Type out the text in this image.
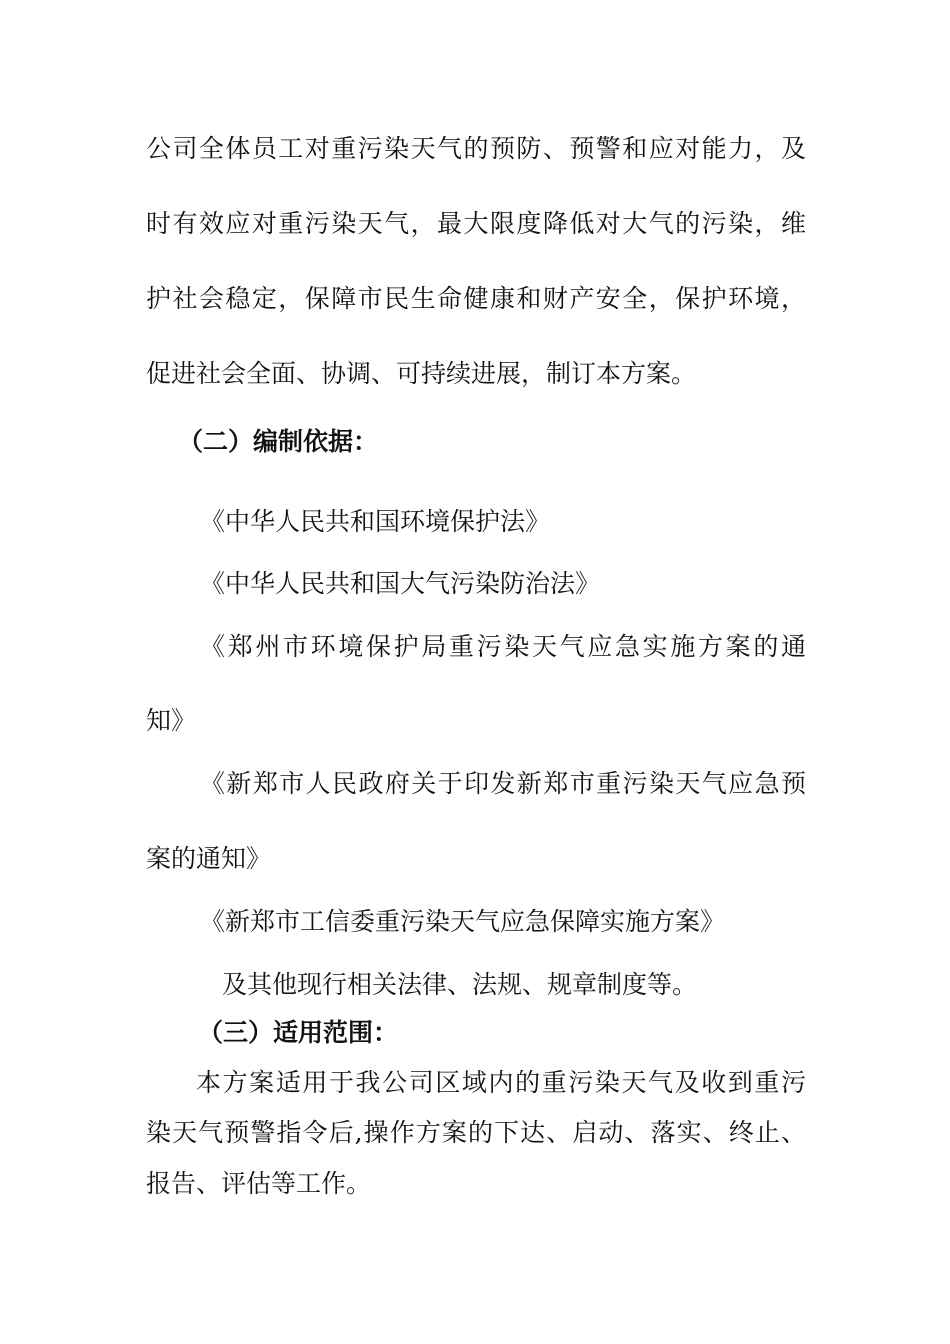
公司全体员工对重污染天气的预防、预警和应对能力，及
时有效应对重污染天气，最大限度降低对大气的污染，维
护社会稳定，保障市民生命健康和财产安全，保护环境，
促进社会全面、协调、可持续进展，制订本方案。
（二）编制依据：
《中华人民共和国环境保护法》
《中华人民共和国大气污染防治法》
《郑州市环境保护局重污染天气应急实施方案的通
知》
《新郑市人民政府关于印发新郑市重污染天气应急预
案的通知》
《新郑市工信委重污染天气应急保障实施方案》
及其他现行相关法律、法规、规章制度等。
（三）适用范围：
本方案适用于我公司区域内的重污染天气及收到重污
染天气预警指令后,操作方案的下达、启动、落实、终止、
报告、评估等工作。
